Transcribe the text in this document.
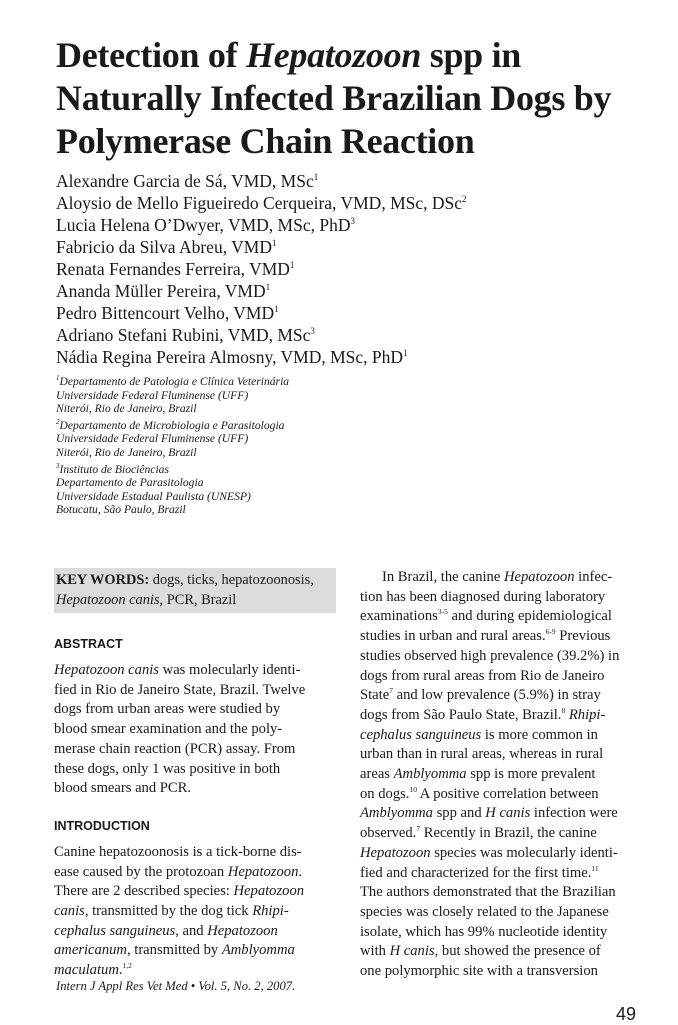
Detection of Hepatozoon spp in
Naturally Infected Brazilian Dogs by
Polymerase Chain Reaction
Alexandre Garcia de Sá, VMD, MSc$^1$
Aloysio de Mello Figueiredo Cerqueira, VMD, MSc, DSc$^2$
Lucia Helena O’Dwyer, VMD, MSc, PhD$^3$
Fabricio da Silva Abreu, VMD$^1$
Renata Fernandes Ferreira, VMD$^1$
Ananda Müller Pereira, VMD$^1$
Pedro Bittencourt Velho, VMD$^1$
Adriano Stefani Rubini, VMD, MSc$^3$
Nádia Regina Pereira Almosny, VMD, MSc, PhD$^1$
$^1$Departamento de Patologia e Clínica Veterinária
Universidade Federal Fluminense (UFF)
Niterói, Rio de Janeiro, Brazil
$^2$Departamento de Microbiologia e Parasitologia
Universidade Federal Fluminense (UFF)
Niterói, Rio de Janeiro, Brazil
$^3$Instituto de Biociências
Departamento de Parasitologia
Universidade Estadual Paulista (UNESP)
Botucatu, São Paulo, Brazil
KEY WORDS: dogs, ticks, hepatozoonosis,
Hepatozoon canis, PCR, Brazil
ABSTRACT
Hepatozoon canis was molecularly identi-
fied in Rio de Janeiro State, Brazil. Twelve
dogs from urban areas were studied by
blood smear examination and the poly-
merase chain reaction (PCR) assay. From
these dogs, only 1 was positive in both
blood smears and PCR.
INTRODUCTION
Canine hepatozoonosis is a tick-borne dis-
ease caused by the protozoan Hepatozoon.
There are 2 described species: Hepatozoon
canis, transmitted by the dog tick Rhipi-
cephalus sanguineus, and Hepatozoon
americanum, transmitted by Amblyomma
maculatum.$^{1,2}$
In Brazil, the canine Hepatozoon infec-
tion has been diagnosed during laboratory
examinations$^{3-5}$ and during epidemiological
studies in urban and rural areas.$^{6-9}$ Previous
studies observed high prevalence (39.2%) in
dogs from rural areas from Rio de Janeiro
State$^7$ and low prevalence (5.9%) in stray
dogs from São Paulo State, Brazil.$^8$ Rhipi-
cephalus sanguineus is more common in
urban than in rural areas, whereas in rural
areas Amblyomma spp is more prevalent
on dogs.$^{10}$ A positive correlation between
Amblyomma spp and H canis infection were
observed.$^7$ Recently in Brazil, the canine
Hepatozoon species was molecularly identi-
fied and characterized for the first time.$^{11}$
The authors demonstrated that the Brazilian
species was closely related to the Japanese
isolate, which has 99% nucleotide identity
with H canis, but showed the presence of
one polymorphic site with a transversion
Intern J Appl Res Vet Med • Vol. 5, No. 2, 2007.
49
